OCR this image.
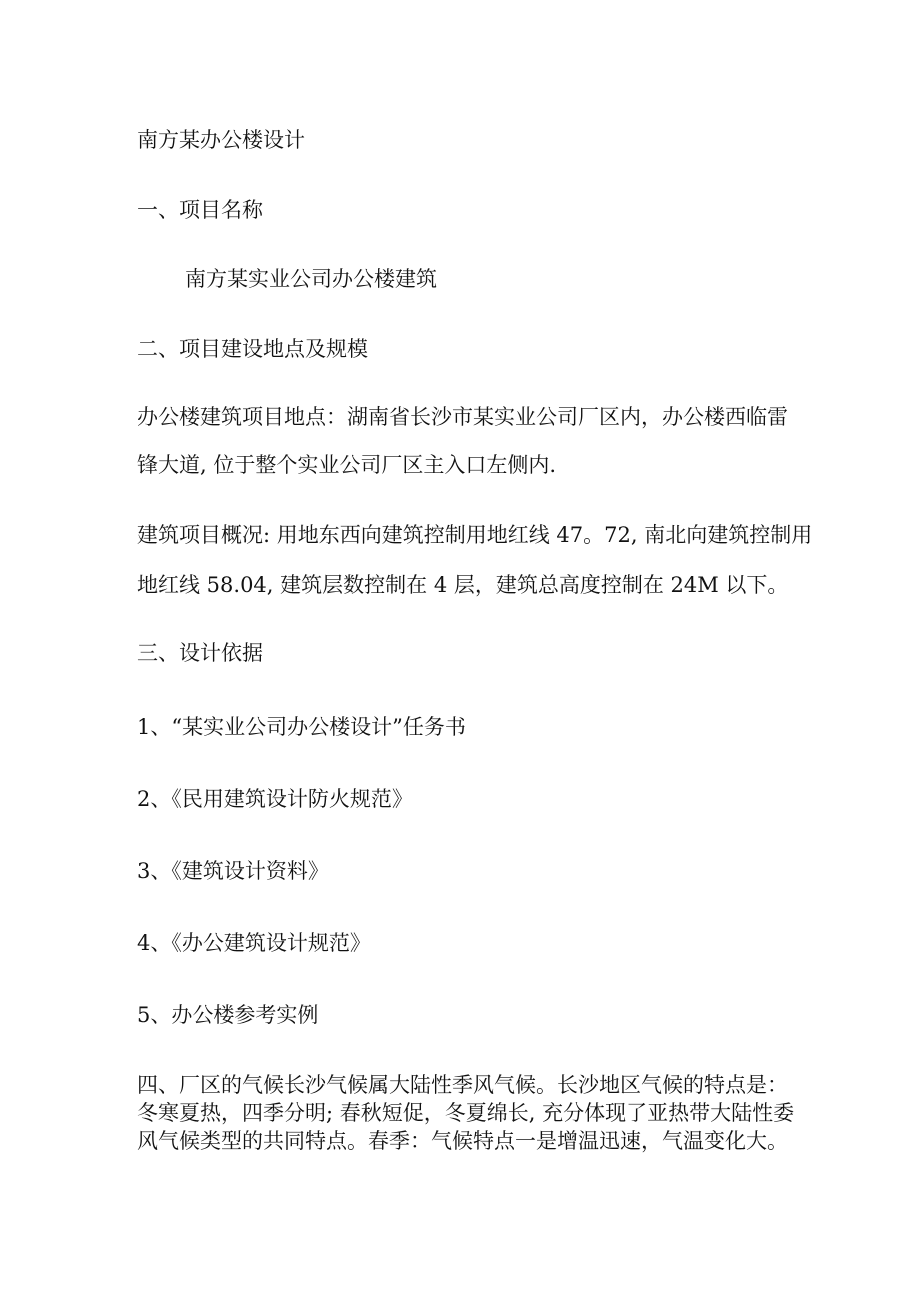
南方某办公楼设计

一、项目名称

南方某实业公司办公楼建筑

二、项目建设地点及规模

办公楼建筑项目地点：湖南省长沙市某实业公司厂区内，办公楼西临雷

锋大道, 位于整个实业公司厂区主入口左侧内.

建筑项目概况: 用地东西向建筑控制用地红线 47。72, 南北向建筑控制用

地红线 58.04, 建筑层数控制在 4 层，建筑总高度控制在 24M 以下。

三、设计依据

1、“某实业公司办公楼设计”任务书

2、《民用建筑设计防火规范》

3、《建筑设计资料》

4、《办公建筑设计规范》

5、办公楼参考实例

四、厂区的气候长沙气候属大陆性季风气候。长沙地区气候的特点是：
冬寒夏热，四季分明; 春秋短促，冬夏绵长, 充分体现了亚热带大陆性委
风气候类型的共同特点。春季：气候特点一是增温迅速，气温变化大。
